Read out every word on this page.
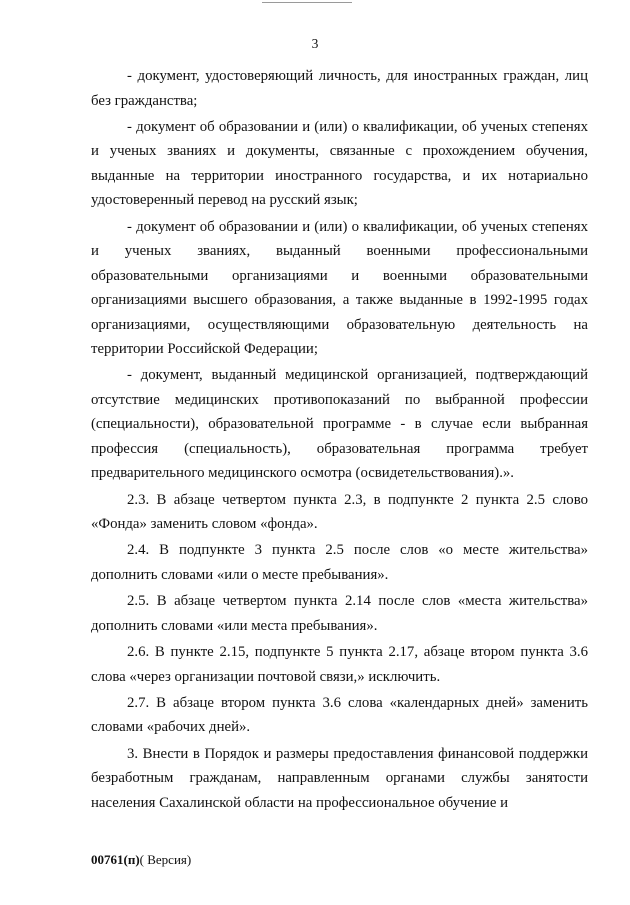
3

- документ, удостоверяющий личность, для иностранных граждан, лиц без гражданства;

- документ об образовании и (или) о квалификации, об ученых степенях и ученых званиях и документы, связанные с прохождением обучения, выданные на территории иностранного государства, и их нотариально удостоверенный перевод на русский язык;

- документ об образовании и (или) о квалификации, об ученых степенях и ученых званиях, выданный военными профессиональными образовательными организациями и военными образовательными организациями высшего образования, а также выданные в 1992-1995 годах организациями, осуществляющими образовательную деятельность на территории Российской Федерации;

- документ, выданный медицинской организацией, подтверждающий отсутствие медицинских противопоказаний по выбранной профессии (специальности), образовательной программе - в случае если выбранная профессия (специальность), образовательная программа требует предварительного медицинского осмотра (освидетельствования).».

2.3. В абзаце четвертом пункта 2.3, в подпункте 2 пункта 2.5 слово «Фонда» заменить словом «фонда».

2.4. В подпункте 3 пункта 2.5 после слов «о месте жительства» дополнить словами «или о месте пребывания».

2.5. В абзаце четвертом пункта 2.14 после слов «места жительства» дополнить словами «или места пребывания».

2.6. В пункте 2.15, подпункте 5 пункта 2.17, абзаце втором пункта 3.6 слова «через организации почтовой связи,» исключить.

2.7. В абзаце втором пункта 3.6 слова «календарных дней» заменить словами «рабочих дней».

3. Внести в Порядок и размеры предоставления финансовой поддержки безработным гражданам, направленным органами службы занятости населения Сахалинской области на профессиональное обучение и

00761(п)( Версия)
